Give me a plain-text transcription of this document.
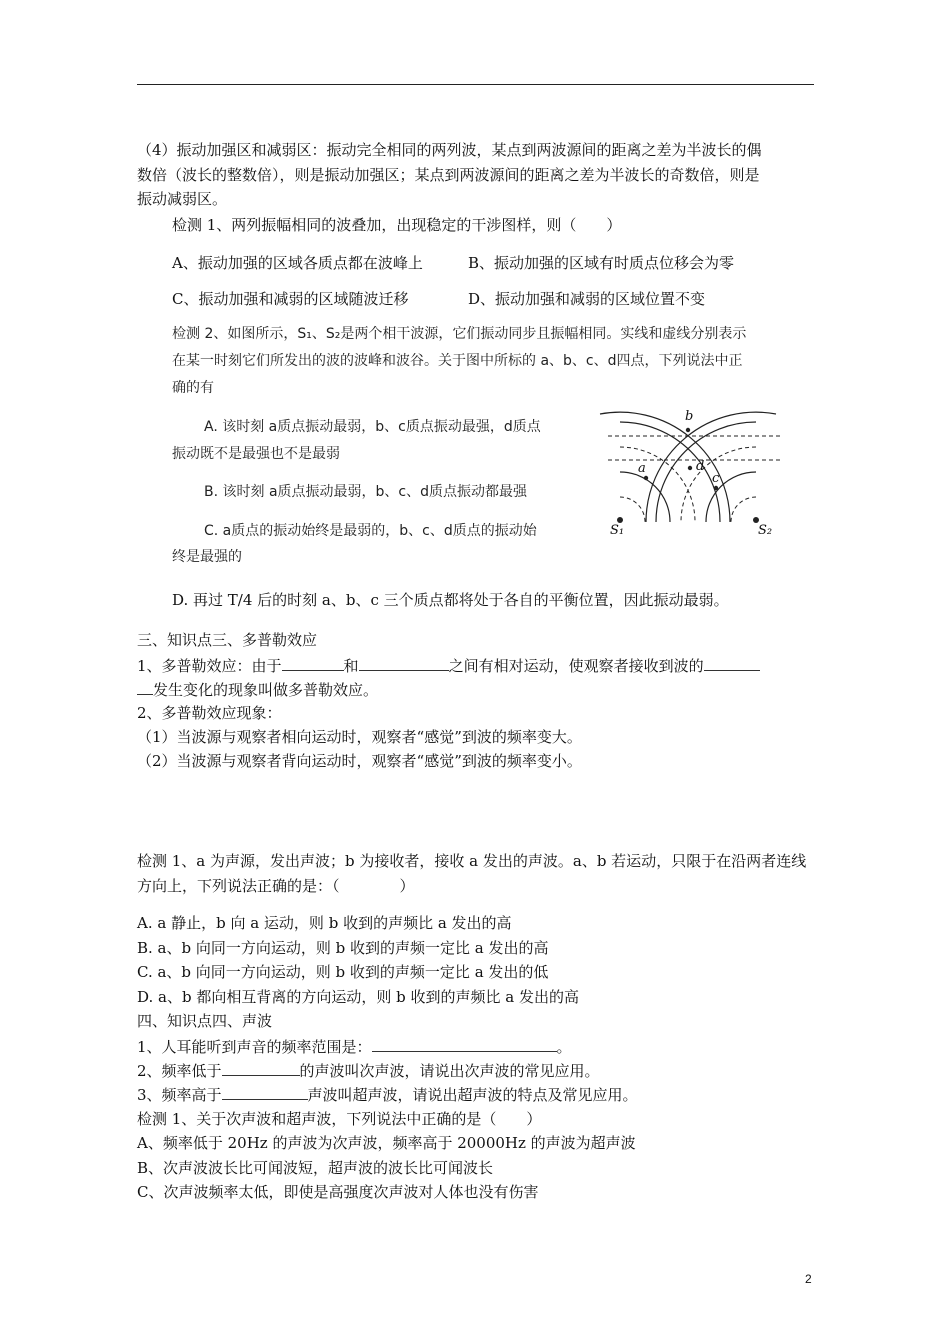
（4）振动加强区和减弱区：振动完全相同的两列波，某点到两波源间的距离之差为半波长的偶
数倍（波长的整数倍），则是振动加强区；某点到两波源间的距离之差为半波长的奇数倍，则是
振动减弱区。
检测 1、两列振幅相同的波叠加，出现稳定的干涉图样，则（　　）
A、振动加强的区域各质点都在波峰上	B、振动加强的区域有时质点位移会为零
C、振动加强和减弱的区域随波迁移	D、振动加强和减弱的区域位置不变
检测 2、如图所示，S₁、S₂是两个相干波源，它们振动同步且振幅相同。实线和虚线分别表示
在某一时刻它们所发出的波的波峰和波谷。关于图中所标的 a、b、c、d四点，下列说法中正
确的有
A. 该时刻 a质点振动最弱，b、c质点振动最强，d质点
振动既不是最强也不是最弱
B. 该时刻 a质点振动最弱，b、c、d质点振动都最强
C. a质点的振动始终是最弱的，b、c、d质点的振动始
终是最强的
D. 再过 T/4 后的时刻 a、b、c 三个质点都将处于各自的平衡位置，因此振动最弱。
b
a	d
c
S₁	S₂
三、知识点三、多普勒效应
1、多普勒效应：由于	和	之间有相对运动，使观察者接收到波的
发生变化的现象叫做多普勒效应。
2、多普勒效应现象：
（1）当波源与观察者相向运动时，观察者“感觉”到波的频率变大。
（2）当波源与观察者背向运动时，观察者“感觉”到波的频率变小。
检测 1、a 为声源，发出声波；b 为接收者，接收 a 发出的声波。a、b 若运动，只限于在沿两者连线
方向上，下列说法正确的是：（　　　　）
A. a 静止，b 向 a 运动，则 b 收到的声频比 a 发出的高
B. a、b 向同一方向运动，则 b 收到的声频一定比 a 发出的高
C. a、b 向同一方向运动，则 b 收到的声频一定比 a 发出的低
D. a、b 都向相互背离的方向运动，则 b 收到的声频比 a 发出的高
四、知识点四、声波
1、人耳能听到声音的频率范围是：	。
2、频率低于	的声波叫次声波，请说出次声波的常见应用。
3、频率高于	声波叫超声波，请说出超声波的特点及常见应用。
检测 1、关于次声波和超声波，下列说法中正确的是（　　）
A、频率低于 20Hz 的声波为次声波，频率高于 20000Hz 的声波为超声波
B、次声波波长比可闻波短，超声波的波长比可闻波长
C、次声波频率太低，即使是高强度次声波对人体也没有伤害
2
